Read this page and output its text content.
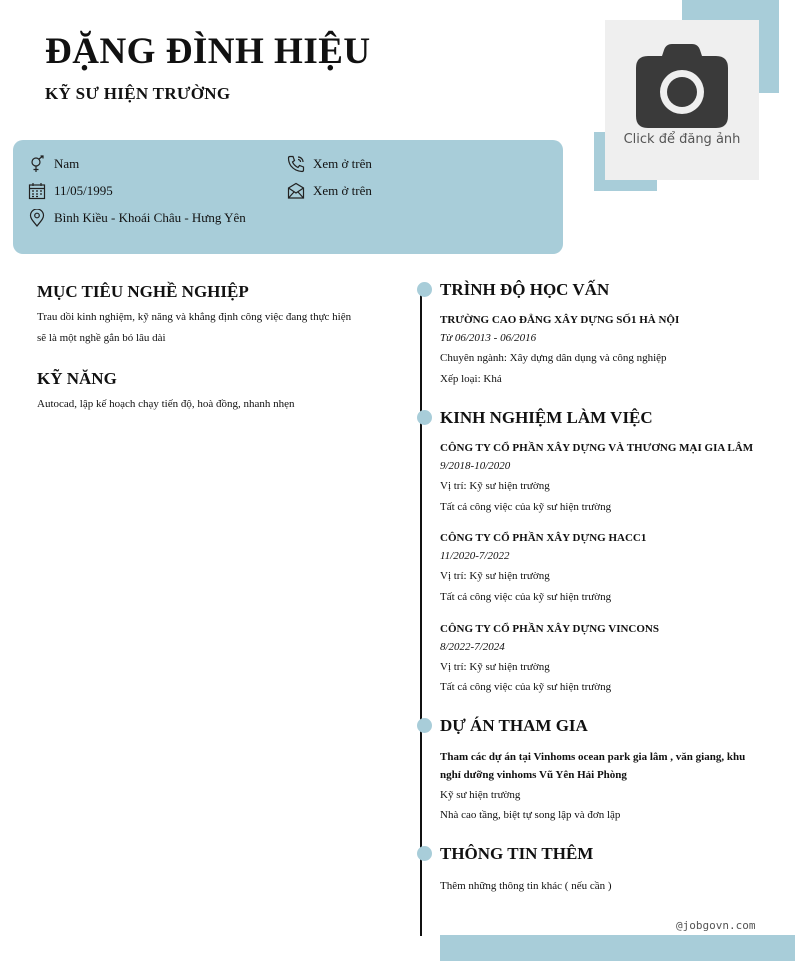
Click để đăng ảnh
ĐẶNG ĐÌNH HIỆU
KỸ SƯ HIỆN TRƯỜNG
Nam
11/05/1995
Bình Kiều - Khoái Châu - Hưng Yên
Xem ở trên
Xem ở trên
MỤC TIÊU NGHỀ NGHIỆP
Trau dồi kinh nghiệm, kỹ năng và khẳng định công việc đang thực hiện
sẽ là một nghề gắn bó lâu dài
KỸ NĂNG
Autocad, lập kế hoạch chạy tiến độ, hoà đồng, nhanh nhẹn
TRÌNH ĐỘ HỌC VẤN
TRƯỜNG CAO ĐẲNG XÂY DỰNG SỐ1 HÀ NỘI
Từ 06/2013 - 06/2016
Chuyên ngành: Xây dựng dân dụng và công nghiệp
Xếp loại: Khá
KINH NGHIỆM LÀM VIỆC
CÔNG TY CỔ PHẦN XÂY DỰNG VÀ THƯƠNG MẠI GIA LÂM
9/2018-10/2020
Vị trí: Kỹ sư hiện trường
Tất cả công việc của kỹ sư hiện trường
CÔNG TY CỔ PHẦN XÂY DỰNG HACC1
11/2020-7/2022
Vị trí: Kỹ sư hiện trường
Tất cả công việc của kỹ sư hiện trường
CÔNG TY CỔ PHẦN XÂY DỰNG VINCONS
8/2022-7/2024
Vị trí: Kỹ sư hiện trường
Tất cả công việc của kỹ sư hiện trường
DỰ ÁN THAM GIA
Tham các dự án tại Vinhoms ocean park gia lâm , văn giang, khu
nghỉ dưỡng vinhoms Vũ Yên Hải Phòng
Kỹ sư hiện trường
Nhà cao tầng, biệt tự song lập và đơn lập
THÔNG TIN THÊM
Thêm những thông tin khác ( nếu cần )
@jobgovn.com
